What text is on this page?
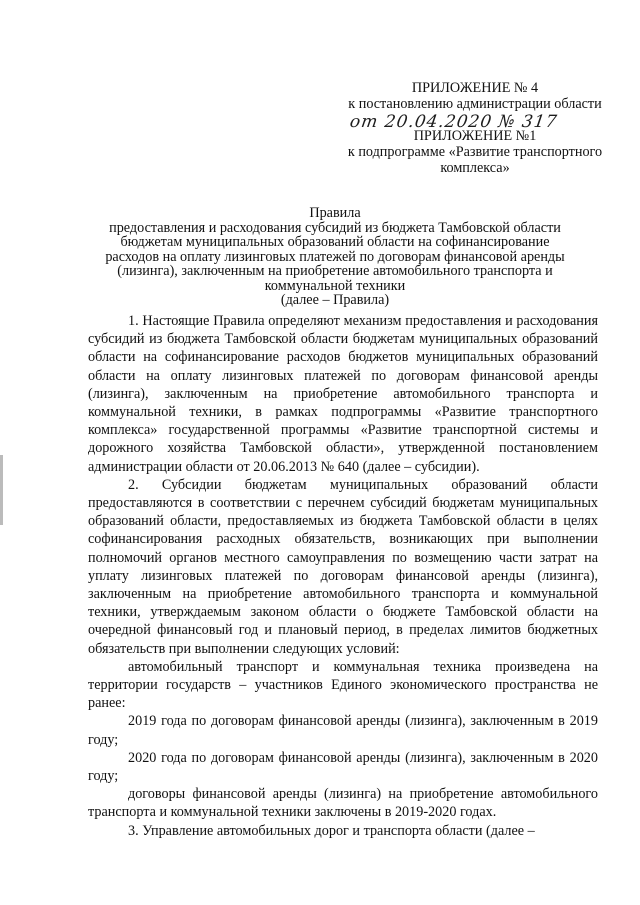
ПРИЛОЖЕНИЕ № 4
к постановлению администрации области
от 20.04.2020 № 317
ПРИЛОЖЕНИЕ №1
к подпрограмме «Развитие транспортного
комплекса»
Правила
предоставления и расходования субсидий из бюджета Тамбовской области
бюджетам муниципальных образований области на софинансирование
расходов на оплату лизинговых платежей по договорам финансовой аренды
(лизинга), заключенным на приобретение автомобильного транспорта и
коммунальной техники
(далее – Правила)

1. Настоящие Правила определяют механизм предоставления и расходования субсидий из бюджета Тамбовской области бюджетам муниципальных образований области на софинансирование расходов бюджетов муниципальных образований области на оплату лизинговых платежей по договорам финансовой аренды (лизинга), заключенным на приобретение автомобильного транспорта и коммунальной техники, в рамках подпрограммы «Развитие транспортного комплекса» государственной программы «Развитие транспортной системы и дорожного хозяйства Тамбовской области», утвержденной постановлением администрации области от 20.06.2013 № 640 (далее – субсидии).

2. Субсидии бюджетам муниципальных образований области предоставляются в соответствии с перечнем субсидий бюджетам муниципальных образований области, предоставляемых из бюджета Тамбовской области в целях софинансирования расходных обязательств, возникающих при выполнении полномочий органов местного самоуправления по возмещению части затрат на уплату лизинговых платежей по договорам финансовой аренды (лизинга), заключенным на приобретение автомобильного транспорта и коммунальной техники, утверждаемым законом области о бюджете Тамбовской области на очередной финансовый год и плановый период, в пределах лимитов бюджетных обязательств при выполнении следующих условий:

автомобильный транспорт и коммунальная техника произведена на территории государств – участников Единого экономического пространства не ранее:

2019 года по договорам финансовой аренды (лизинга), заключенным в 2019 году;

2020 года по договорам финансовой аренды (лизинга), заключенным в 2020 году;

договоры финансовой аренды (лизинга) на приобретение автомобильного транспорта и коммунальной техники заключены в 2019-2020 годах.

3. Управление автомобильных дорог и транспорта области (далее –
